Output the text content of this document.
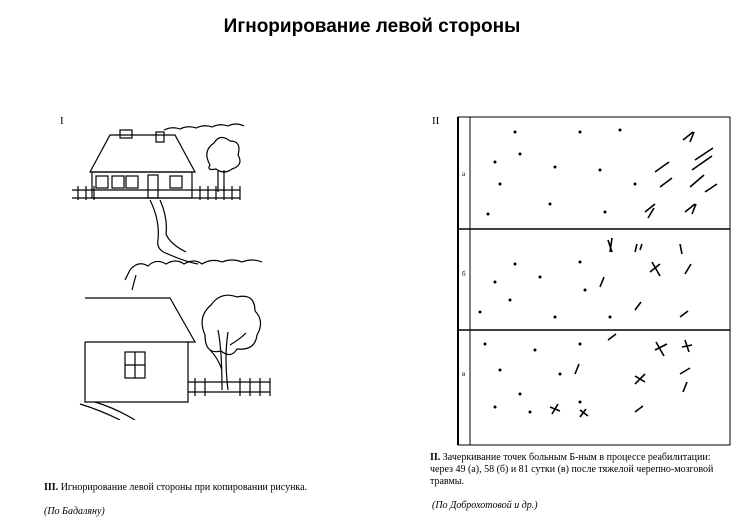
Игнорирование левой стороны
I	II
а
б
в
III. Игнорирование левой стороны при копировании рисунка.
(По Бадаляну)
II. Зачеркивание точек больным Б-ным в процессе реабилитации: через 49 (а), 58 (б) и 81 сутки (в) после тяжелой черепно-мозговой травмы.
(По Доброхотовой и др.)
